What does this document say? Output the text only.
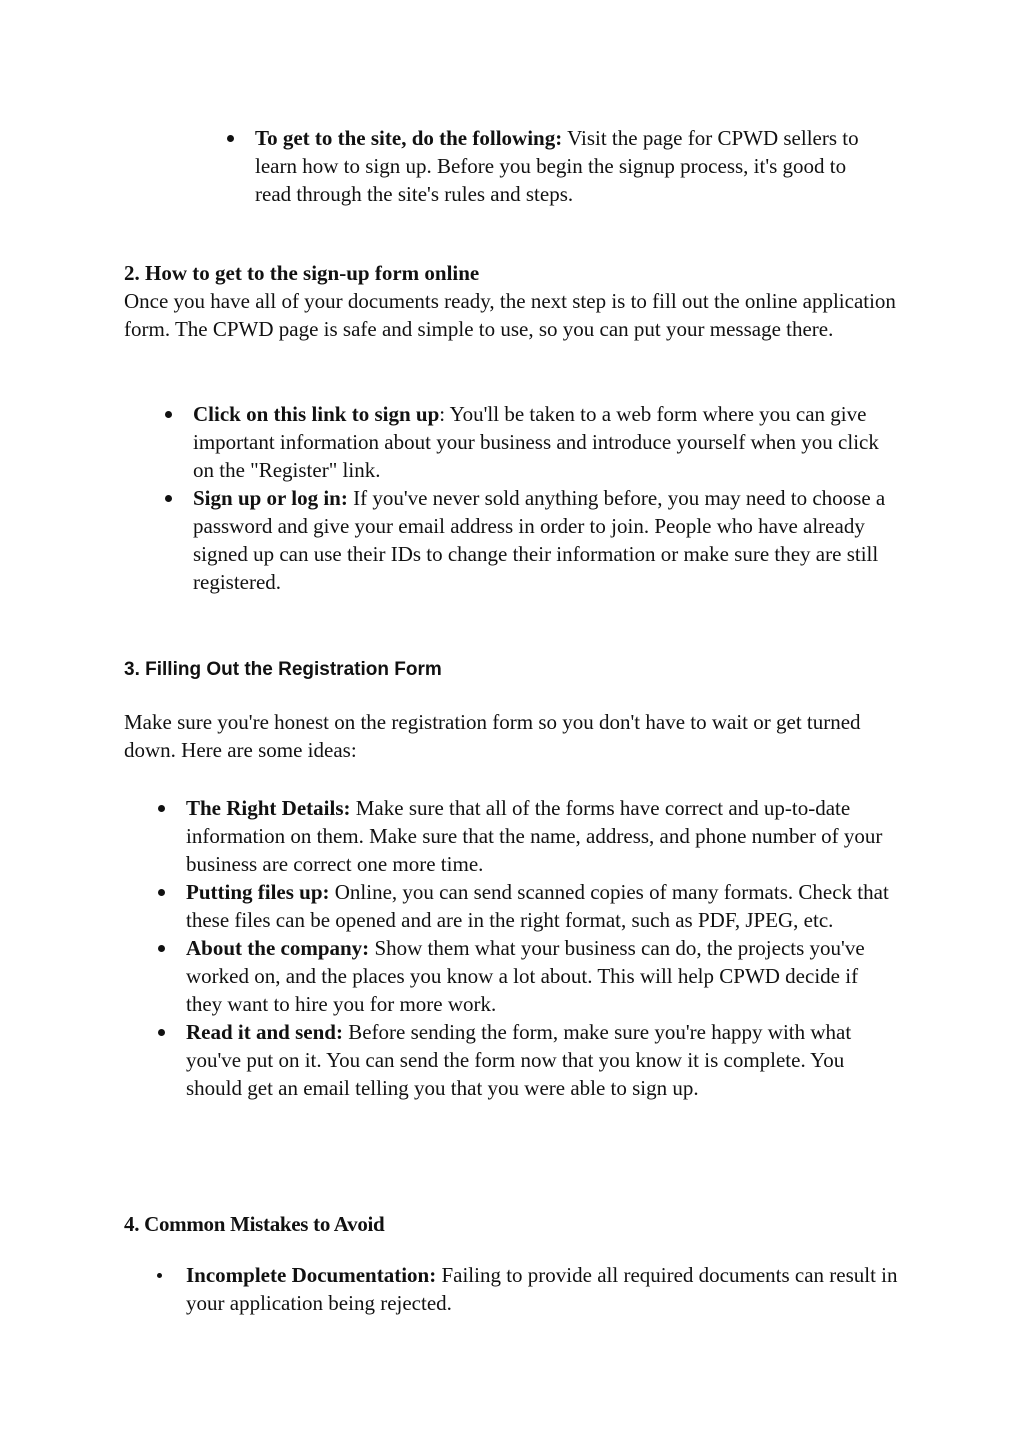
To get to the site, do the following: Visit the page for CPWD sellers to learn how to sign up. Before you begin the signup process, it's good to read through the site's rules and steps.

2. How to get to the sign-up form online

Once you have all of your documents ready, the next step is to fill out the online application form. The CPWD page is safe and simple to use, so you can put your message there.

Click on this link to sign up: You'll be taken to a web form where you can give important information about your business and introduce yourself when you click on the "Register" link.
Sign up or log in: If you've never sold anything before, you may need to choose a password and give your email address in order to join. People who have already signed up can use their IDs to change their information or make sure they are still registered.

3. Filling Out the Registration Form

Make sure you're honest on the registration form so you don't have to wait or get turned down. Here are some ideas:

The Right Details: Make sure that all of the forms have correct and up-to-date information on them. Make sure that the name, address, and phone number of your business are correct one more time.
Putting files up: Online, you can send scanned copies of many formats. Check that these files can be opened and are in the right format, such as PDF, JPEG, etc.
About the company: Show them what your business can do, the projects you've worked on, and the places you know a lot about. This will help CPWD decide if they want to hire you for more work.
Read it and send: Before sending the form, make sure you're happy with what you've put on it. You can send the form now that you know it is complete. You should get an email telling you that you were able to sign up.

4. Common Mistakes to Avoid

Incomplete Documentation: Failing to provide all required documents can result in your application being rejected.
